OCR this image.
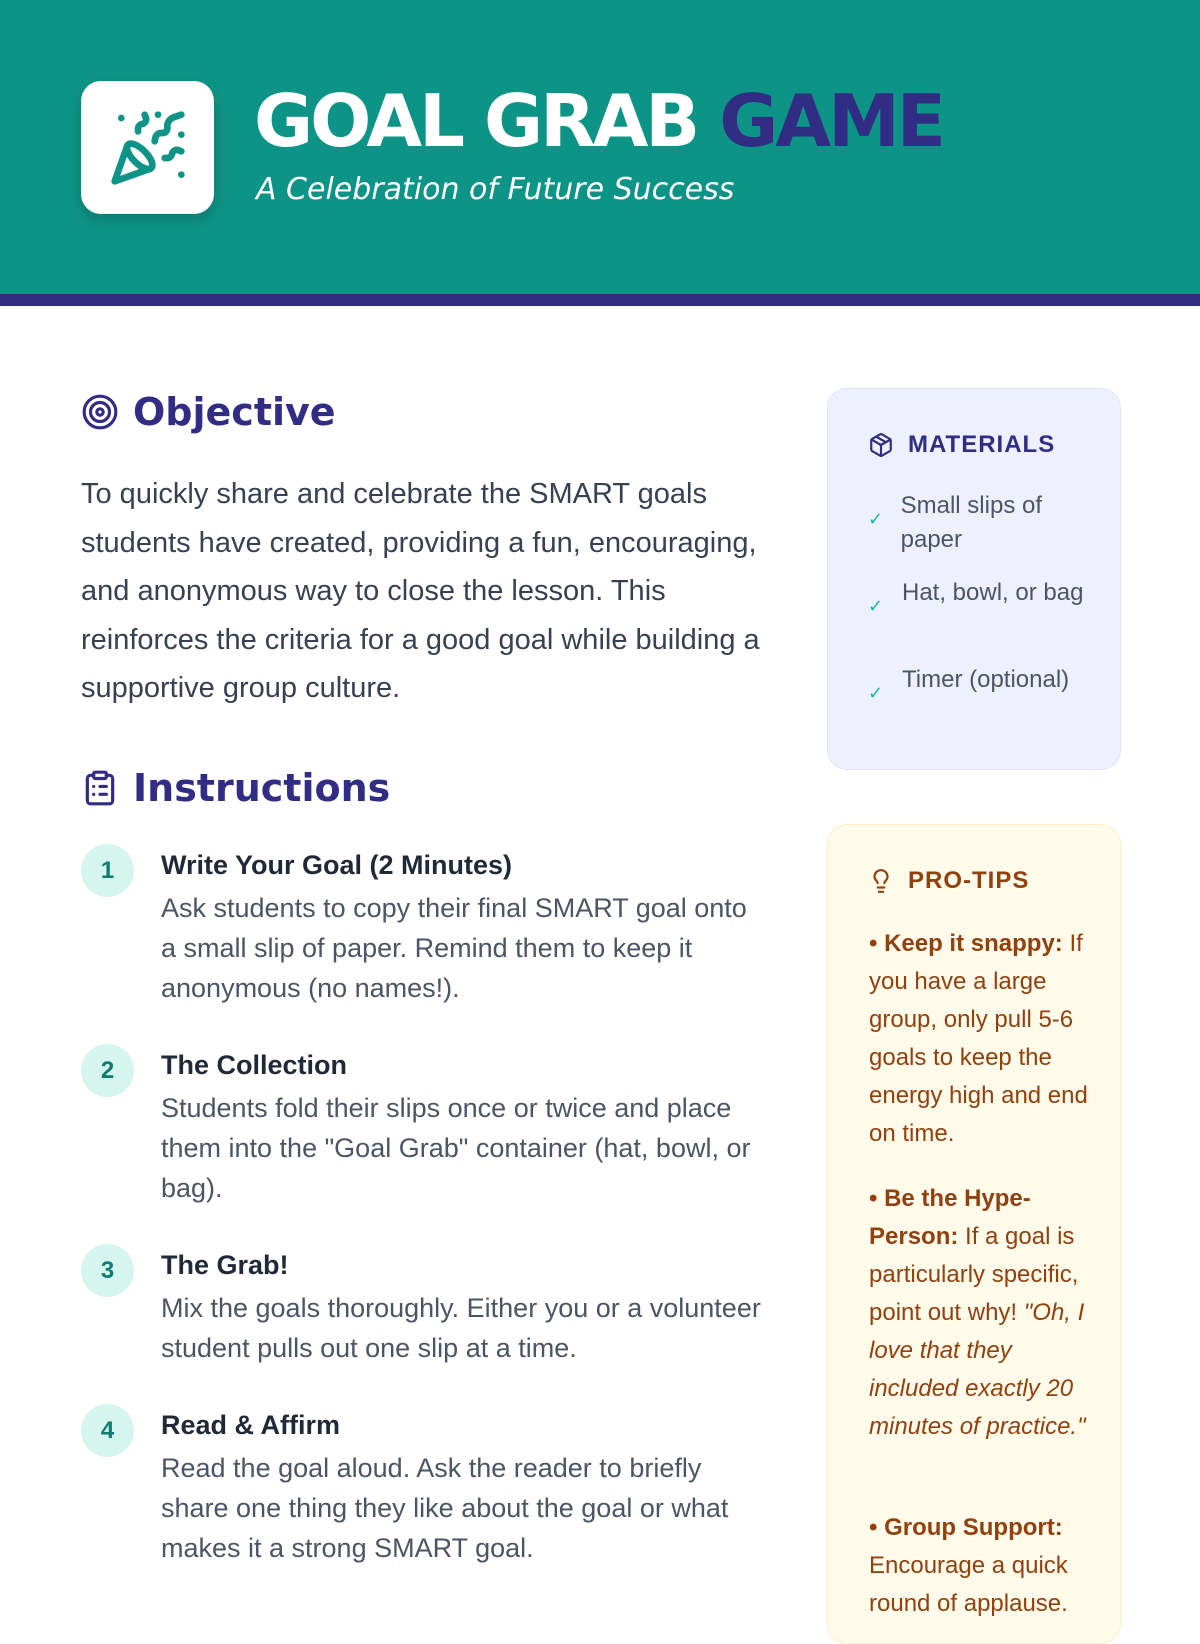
GOAL GRAB GAME
A Celebration of Future Success
Objective

To quickly share and celebrate the SMART goals students have created, providing a fun, encouraging, and anonymous way to close the lesson. This reinforces the criteria for a good goal while building a supportive group culture.

Instructions
1	Write Your Goal (2 Minutes)
Ask students to copy their final SMART goal onto a small slip of paper. Remind them to keep it anonymous (no names!).
2	The Collection
Students fold their slips once or twice and place them into the "Goal Grab" container (hat, bowl, or bag).
3	The Grab!
Mix the goals thoroughly. Either you or a volunteer student pulls out one slip at a time.
4	Read & Affirm
Read the goal aloud. Ask the reader to briefly share one thing they like about the goal or what makes it a strong SMART goal.
MATERIALS
✓ Small slips of paper
✓ Hat, bowl, or bag
✓ Timer (optional)
PRO-TIPS
• Keep it snappy: If you have a large group, only pull 5-6 goals to keep the energy high and end on time.
• Be the Hype-Person: If a goal is particularly specific, point out why! "Oh, I love that they included exactly 20 minutes of practice."
• Group Support: Encourage a quick round of applause.
